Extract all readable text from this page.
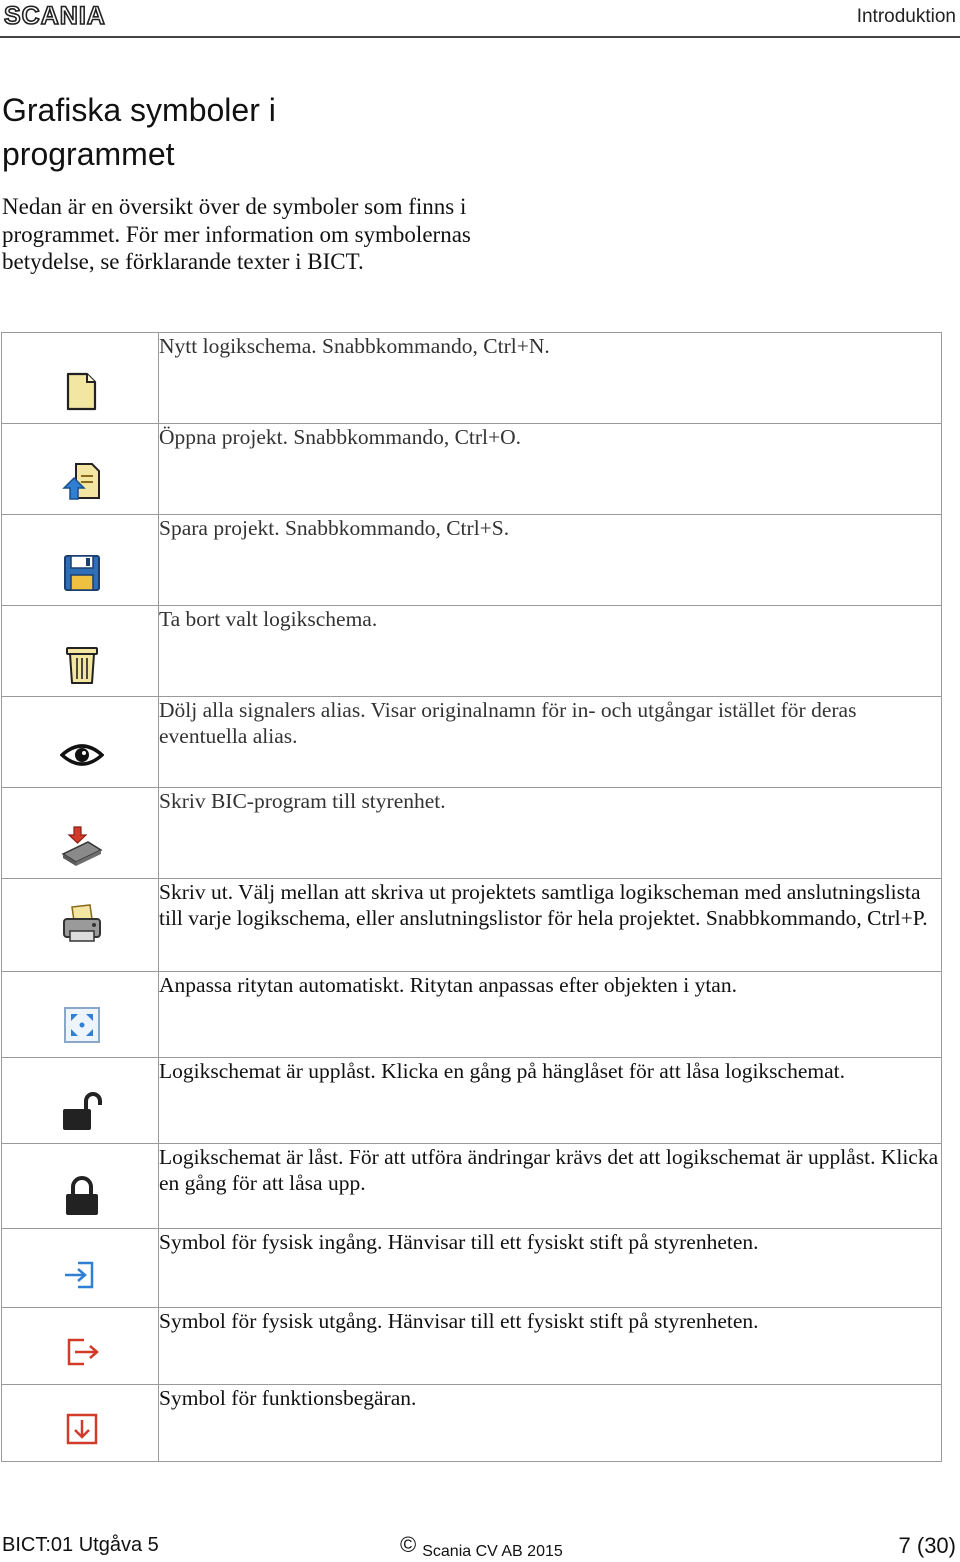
SCANIA	Introduktion
Grafiska symboler i programmet

Nedan är en översikt över de symboler som finns i programmet. För mer information om symbolernas betydelse, se förklarande texter i BICT.

	Nytt logikschema. Snabbkommando, Ctrl+N.

	Öppna projekt. Snabbkommando, Ctrl+O.

	Spara projekt. Snabbkommando, Ctrl+S.

	Ta bort valt logikschema.

	Dölj alla signalers alias. Visar originalnamn för in- och utgångar istället för deras eventuella alias.

	Skriv BIC-program till styrenhet.

	Skriv ut. Välj mellan att skriva ut projektets samtliga logikscheman med anslutningslista till varje logikschema, eller anslutningslistor för hela projektet. Snabbkommando, Ctrl+P.

	Anpassa ritytan automatiskt. Ritytan anpassas efter objekten i ytan.

	Logikschemat är upplåst. Klicka en gång på hänglåset för att låsa logikschemat.

	Logikschemat är låst. För att utföra ändringar krävs det att logikschemat är upplåst. Klicka en gång för att låsa upp.

	Symbol för fysisk ingång. Hänvisar till ett fysiskt stift på styrenheten.

	Symbol för fysisk utgång. Hänvisar till ett fysiskt stift på styrenheten.

	Symbol för funktionsbegäran.
BICT:01 Utgåva 5	© Scania CV AB 2015	7 (30)
